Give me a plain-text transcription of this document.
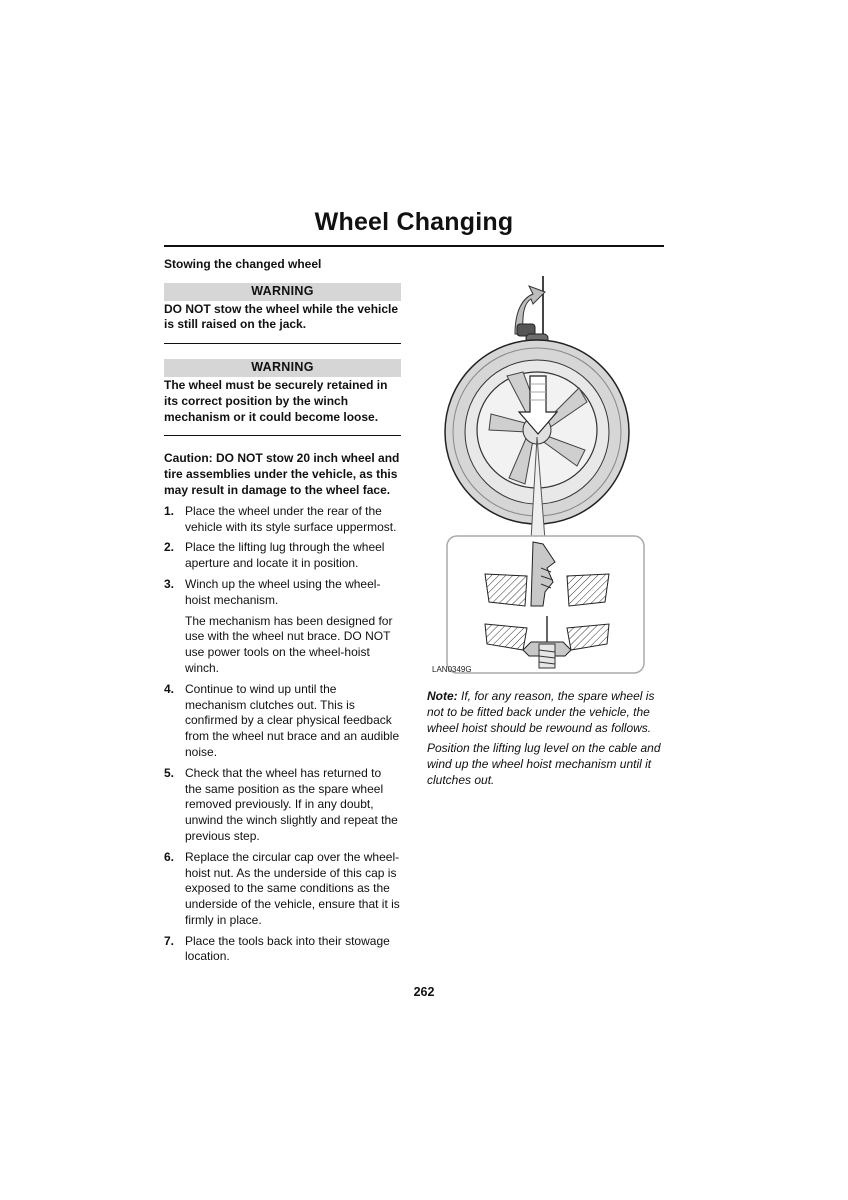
Wheel Changing

Stowing the changed wheel

WARNING

DO NOT stow the wheel while the vehicle is still raised on the jack.

WARNING

The wheel must be securely retained in its correct position by the winch mechanism or it could become loose.

Caution: DO NOT stow 20 inch wheel and tire assemblies under the vehicle, as this may result in damage to the wheel face.

1. Place the wheel under the rear of the vehicle with its style surface uppermost.

2. Place the lifting lug through the wheel aperture and locate it in position.

3. Winch up the wheel using the wheel-hoist mechanism.

The mechanism has been designed for use with the wheel nut brace. DO NOT use power tools on the wheel-hoist winch.

4. Continue to wind up until the mechanism clutches out. This is confirmed by a clear physical feedback from the wheel nut brace and an audible noise.

5. Check that the wheel has returned to the same position as the spare wheel removed previously. If in any doubt, unwind the winch slightly and repeat the previous step.

6. Replace the circular cap over the wheel-hoist nut. As the underside of this cap is exposed to the same conditions as the underside of the vehicle, ensure that it is firmly in place.

7. Place the tools back into their stowage location.

LAN0349G

Note: If, for any reason, the spare wheel is not to be fitted back under the vehicle, the wheel hoist should be rewound as follows.

Position the lifting lug level on the cable and wind up the wheel hoist mechanism until it clutches out.

262
